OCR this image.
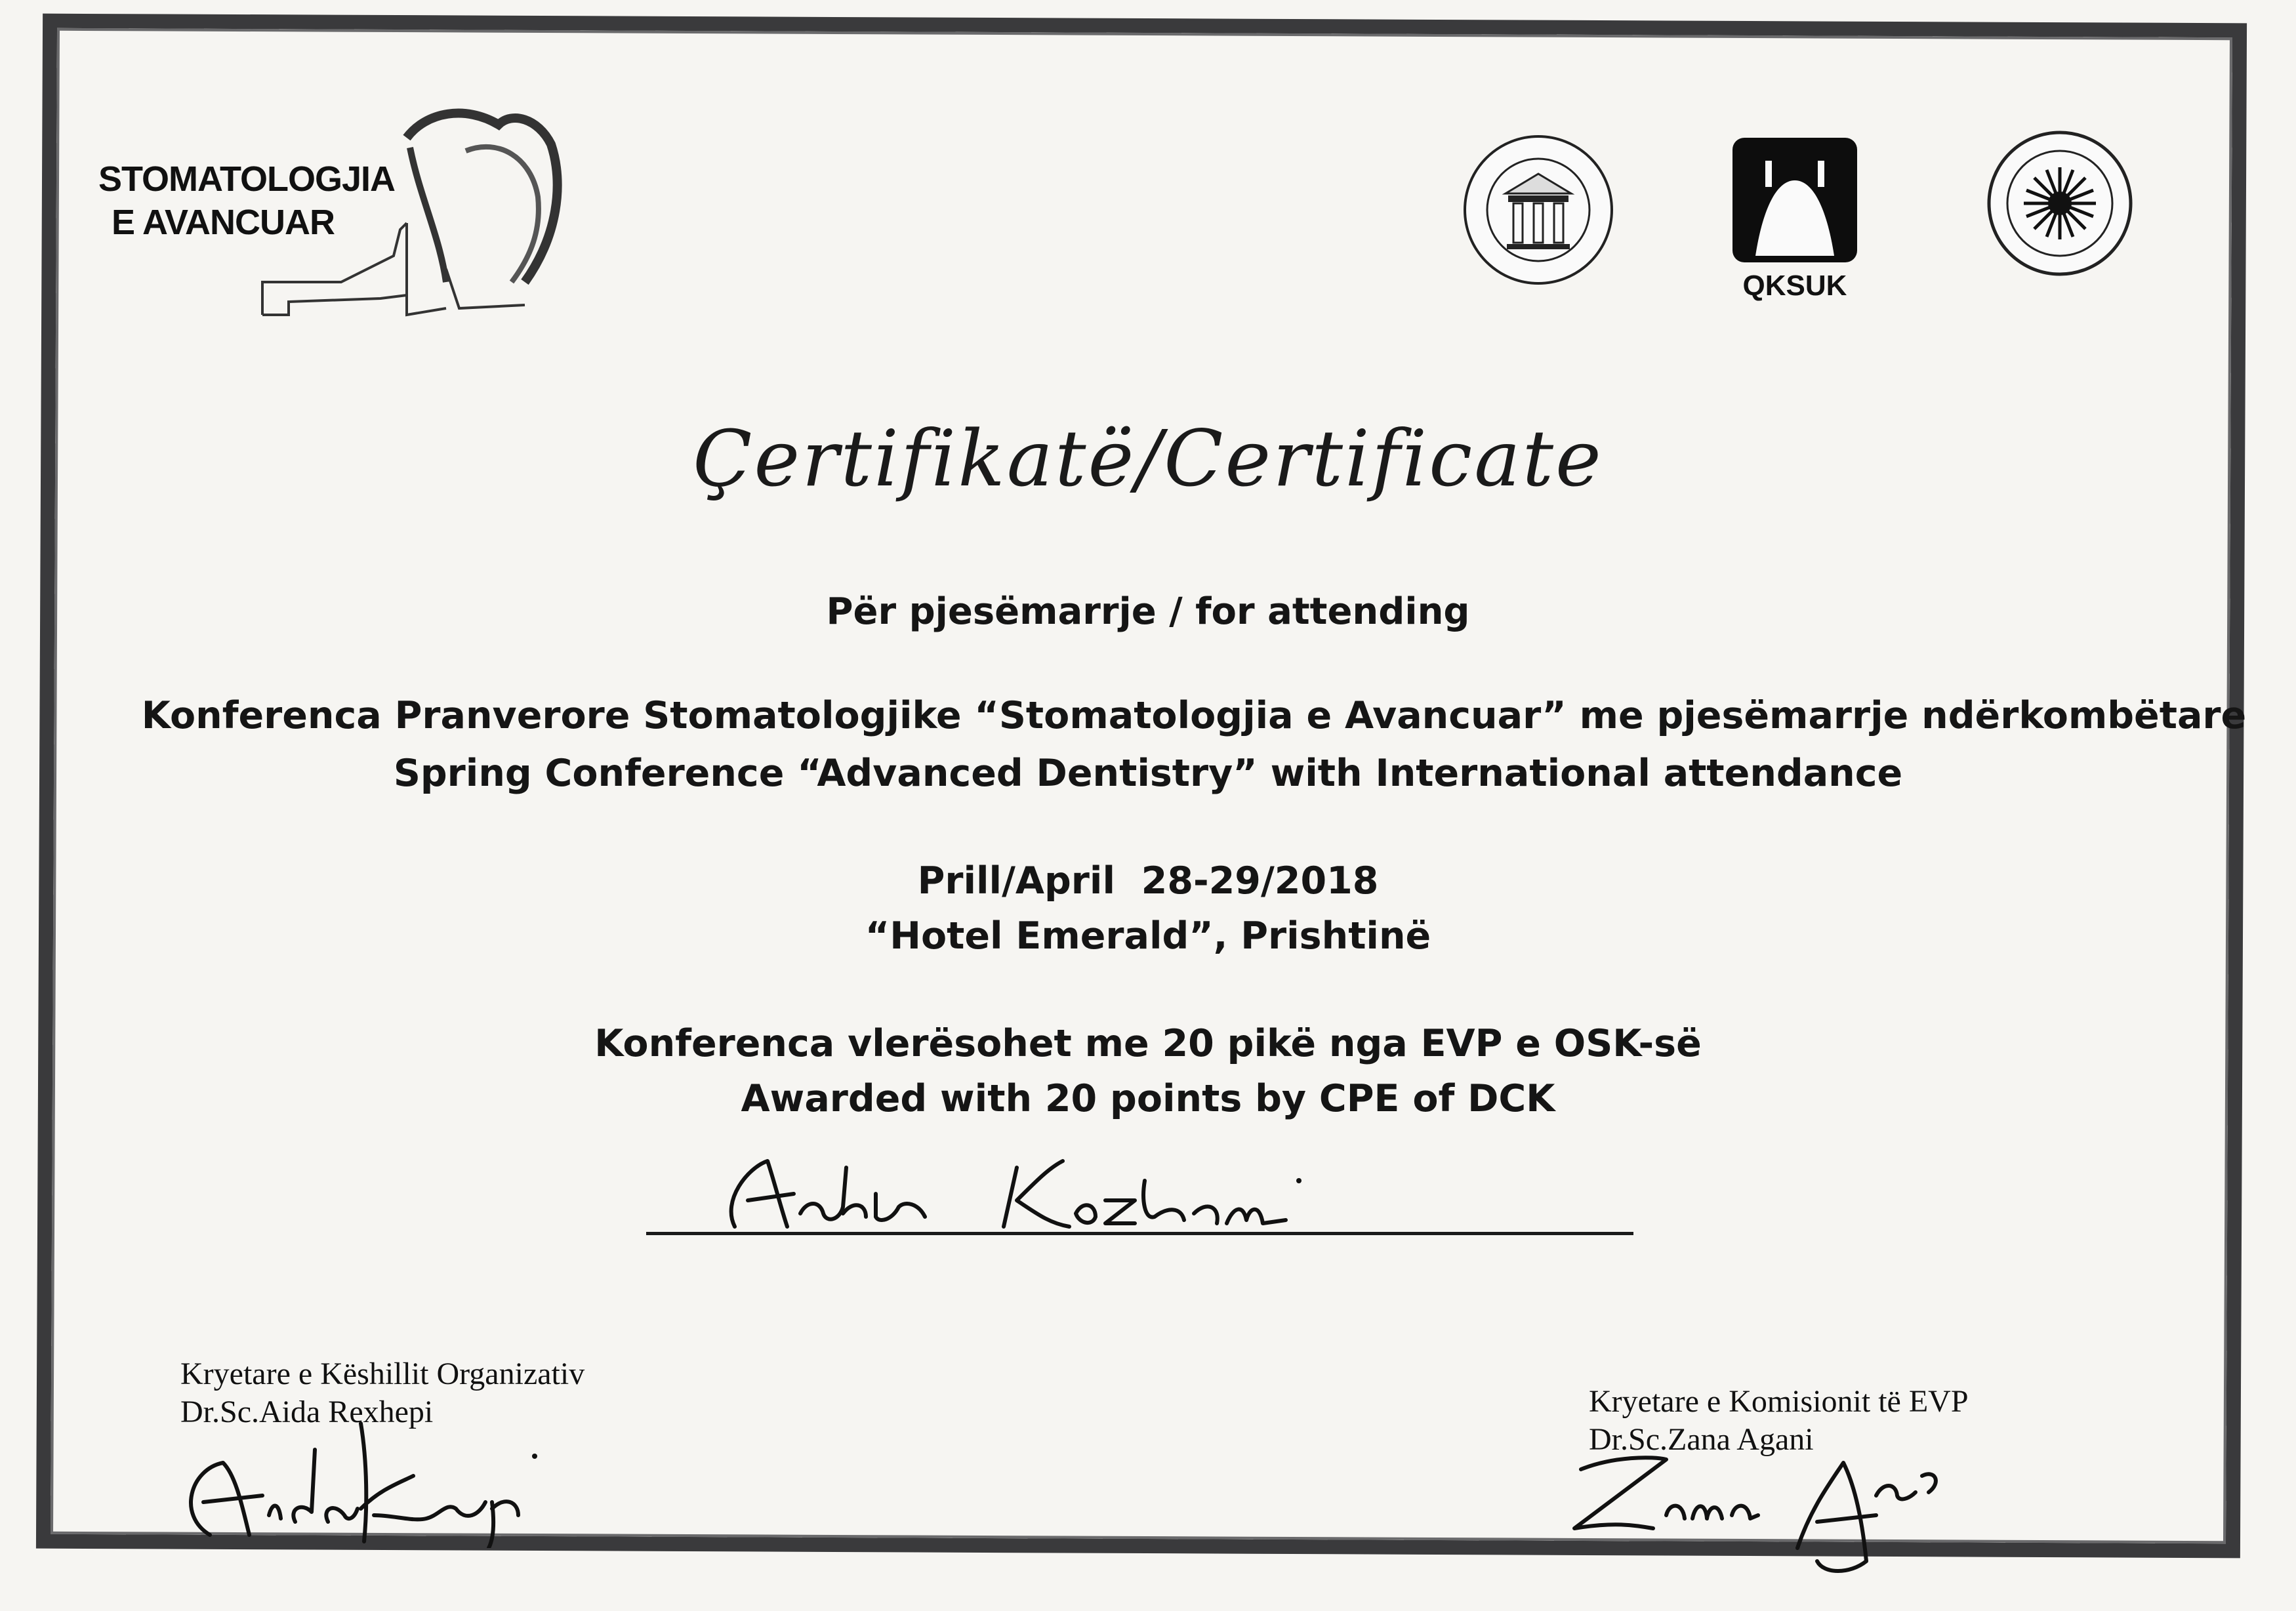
STOMATOLOGJIA
E AVANCUAR
QKSUK
Çertifikatë/Certificate
Për pjesëmarrje / for attending
Konferenca Pranverore Stomatologjike “Stomatologjia e Avancuar” me pjesëmarrje ndërkombëtare
Spring Conference “Advanced Dentistry” with International attendance
Prill/April  28-29/2018
“Hotel Emerald”, Prishtinë
Konferenca vlerësohet me 20 pikë nga EVP e OSK-së
Awarded with 20 points by CPE of DCK
Kryetare e Këshillit Organizativ
Dr.Sc.Aida Rexhepi	Kryetare e Komisionit të EVP
Dr.Sc.Zana Agani
